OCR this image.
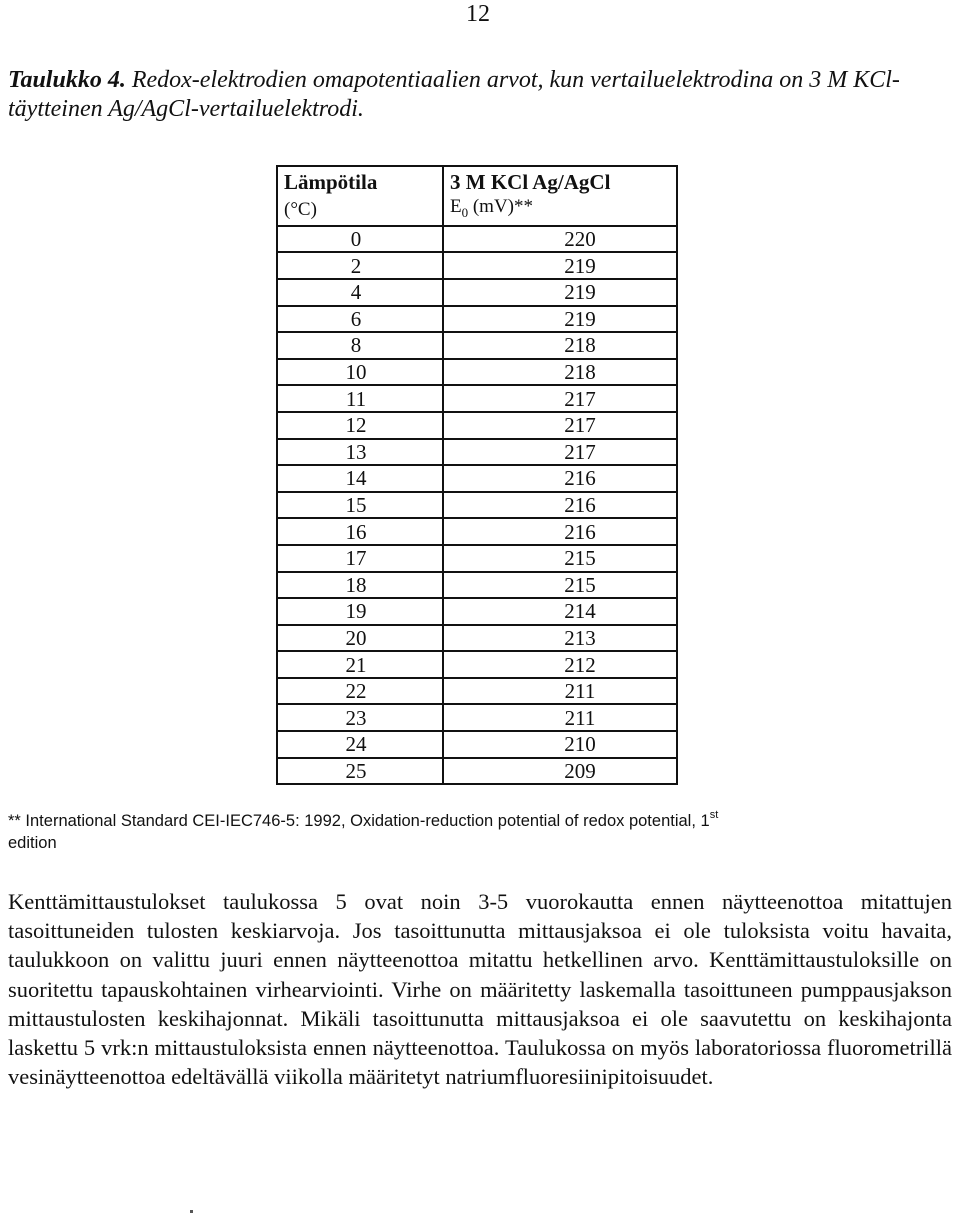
12
Taulukko 4. Redox-elektrodien omapotentiaalien arvot, kun vertailuelektrodina on 3 M KCl-täytteinen Ag/AgCl-vertailuelektrodi.
Lämpötila	3 M KCl Ag/AgCl
(°C)	$E_0$ (mV)**
0	220
2	219
4	219
6	219
8	218
10	218
11	217
12	217
13	217
14	216
15	216
16	216
17	215
18	215
19	214
20	213
21	212
22	211
23	211
24	210
25	209
** International Standard CEI-IEC746-5: 1992, Oxidation-reduction potential of redox potential, 1st
edition
Kenttämittaustulokset taulukossa 5 ovat noin 3-5 vuorokautta ennen näytteenottoa mitattujen tasoittuneiden tulosten keskiarvoja. Jos tasoittunutta mittausjaksoa ei ole tuloksista voitu havaita, taulukkoon on valittu juuri ennen näytteenottoa mitattu hetkellinen arvo. Kenttämittaustuloksille on suoritettu tapauskohtainen virhearviointi. Virhe on määritetty laskemalla tasoittuneen pumppausjakson mittaustulosten keskihajonnat. Mikäli tasoittunutta mittausjaksoa ei ole saavutettu on keskihajonta laskettu 5 vrk:n mittaustuloksista ennen näytteenottoa. Taulukossa on myös laboratoriossa fluorometrillä vesinäytteenottoa edeltävällä viikolla määritetyt natriumfluoresiinipitoisuudet.
